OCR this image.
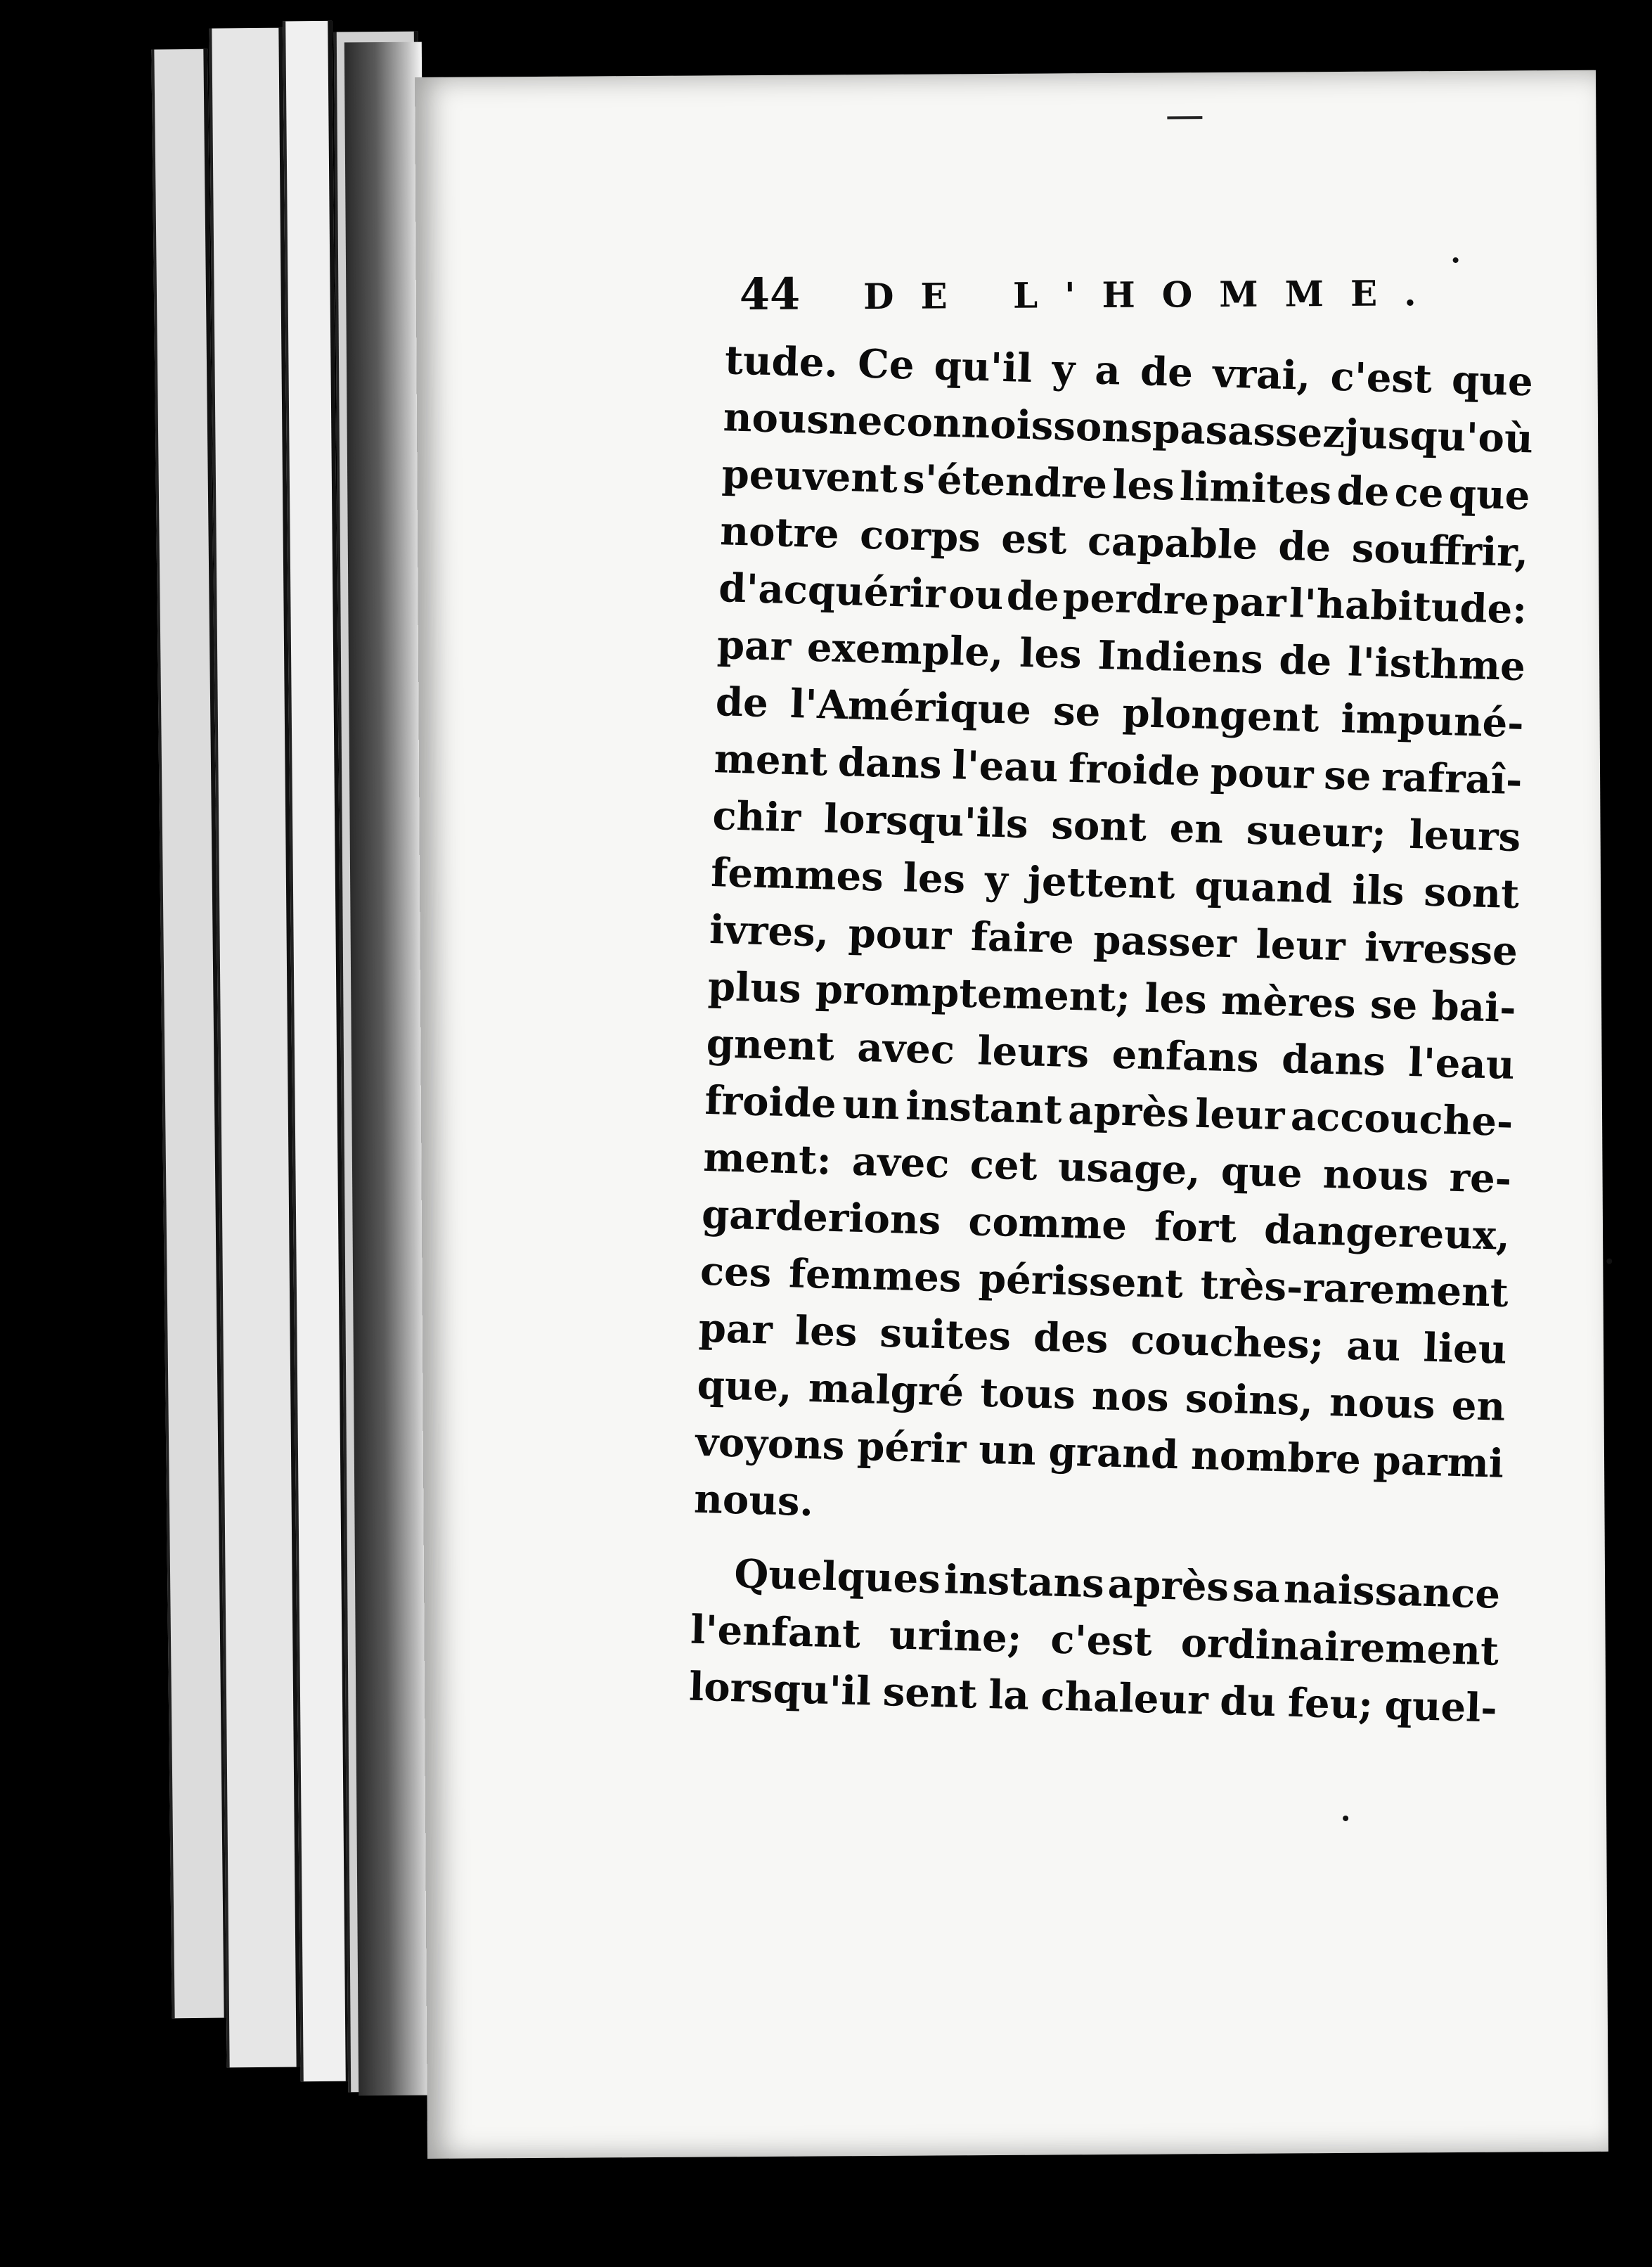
44 DE L'HOMME.
tude. Ce qu'il y a de vrai, c'est que
nous
ne
connoissons
pas
assez
jusqu'où
peuvent s'étendre les limites de ce que
notre corps est capable de souffrir,
d'acquérir ou de perdre par l'habitude:
par exemple, les Indiens de l'isthme
de l'Amérique se plongent impuné-
ment dans l'eau froide pour se rafraî-
chir lorsqu'ils sont en sueur; leurs
femmes les y jettent quand ils sont
ivres, pour faire passer leur ivresse
plus promptement; les mères se bai-
gnent avec leurs enfans dans l'eau
froide un instant après leur accouche-
ment: avec cet usage, que nous re-
garderions comme fort dangereux,
ces femmes périssent très-rarement
par les suites des couches; au lieu
que, malgré tous nos soins, nous en
voyons périr un grand nombre parmi
nous.
Quelques instans après sa naissance
l'enfant urine; c'est ordinairement
lorsqu'il sent la chaleur du feu; quel-
